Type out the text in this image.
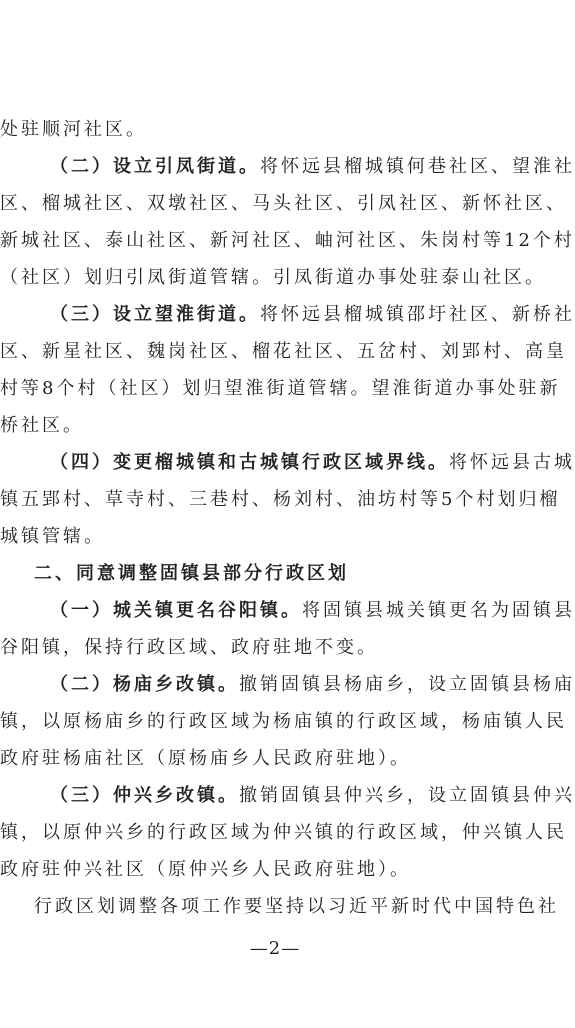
处驻顺河社区。
（二）设立引凤街道。将怀远县榴城镇何巷社区、望淮社
区、榴城社区、双墩社区、马头社区、引凤社区、新怀社区、
新城社区、泰山社区、新河社区、岫河社区、朱岗村等12个村
（社区）划归引凤街道管辖。引凤街道办事处驻泰山社区。
（三）设立望淮街道。将怀远县榴城镇邵圩社区、新桥社
区、新星社区、魏岗社区、榴花社区、五岔村、刘郢村、高皇
村等8个村（社区）划归望淮街道管辖。望淮街道办事处驻新
桥社区。
（四）变更榴城镇和古城镇行政区域界线。将怀远县古城
镇五郢村、草寺村、三巷村、杨刘村、油坊村等5个村划归榴
城镇管辖。
二、同意调整固镇县部分行政区划
（一）城关镇更名谷阳镇。将固镇县城关镇更名为固镇县
谷阳镇，保持行政区域、政府驻地不变。
（二）杨庙乡改镇。撤销固镇县杨庙乡，设立固镇县杨庙
镇，以原杨庙乡的行政区域为杨庙镇的行政区域，杨庙镇人民
政府驻杨庙社区（原杨庙乡人民政府驻地）。
（三）仲兴乡改镇。撤销固镇县仲兴乡，设立固镇县仲兴
镇，以原仲兴乡的行政区域为仲兴镇的行政区域，仲兴镇人民
政府驻仲兴社区（原仲兴乡人民政府驻地）。
行政区划调整各项工作要坚持以习近平新时代中国特色社
—2—
